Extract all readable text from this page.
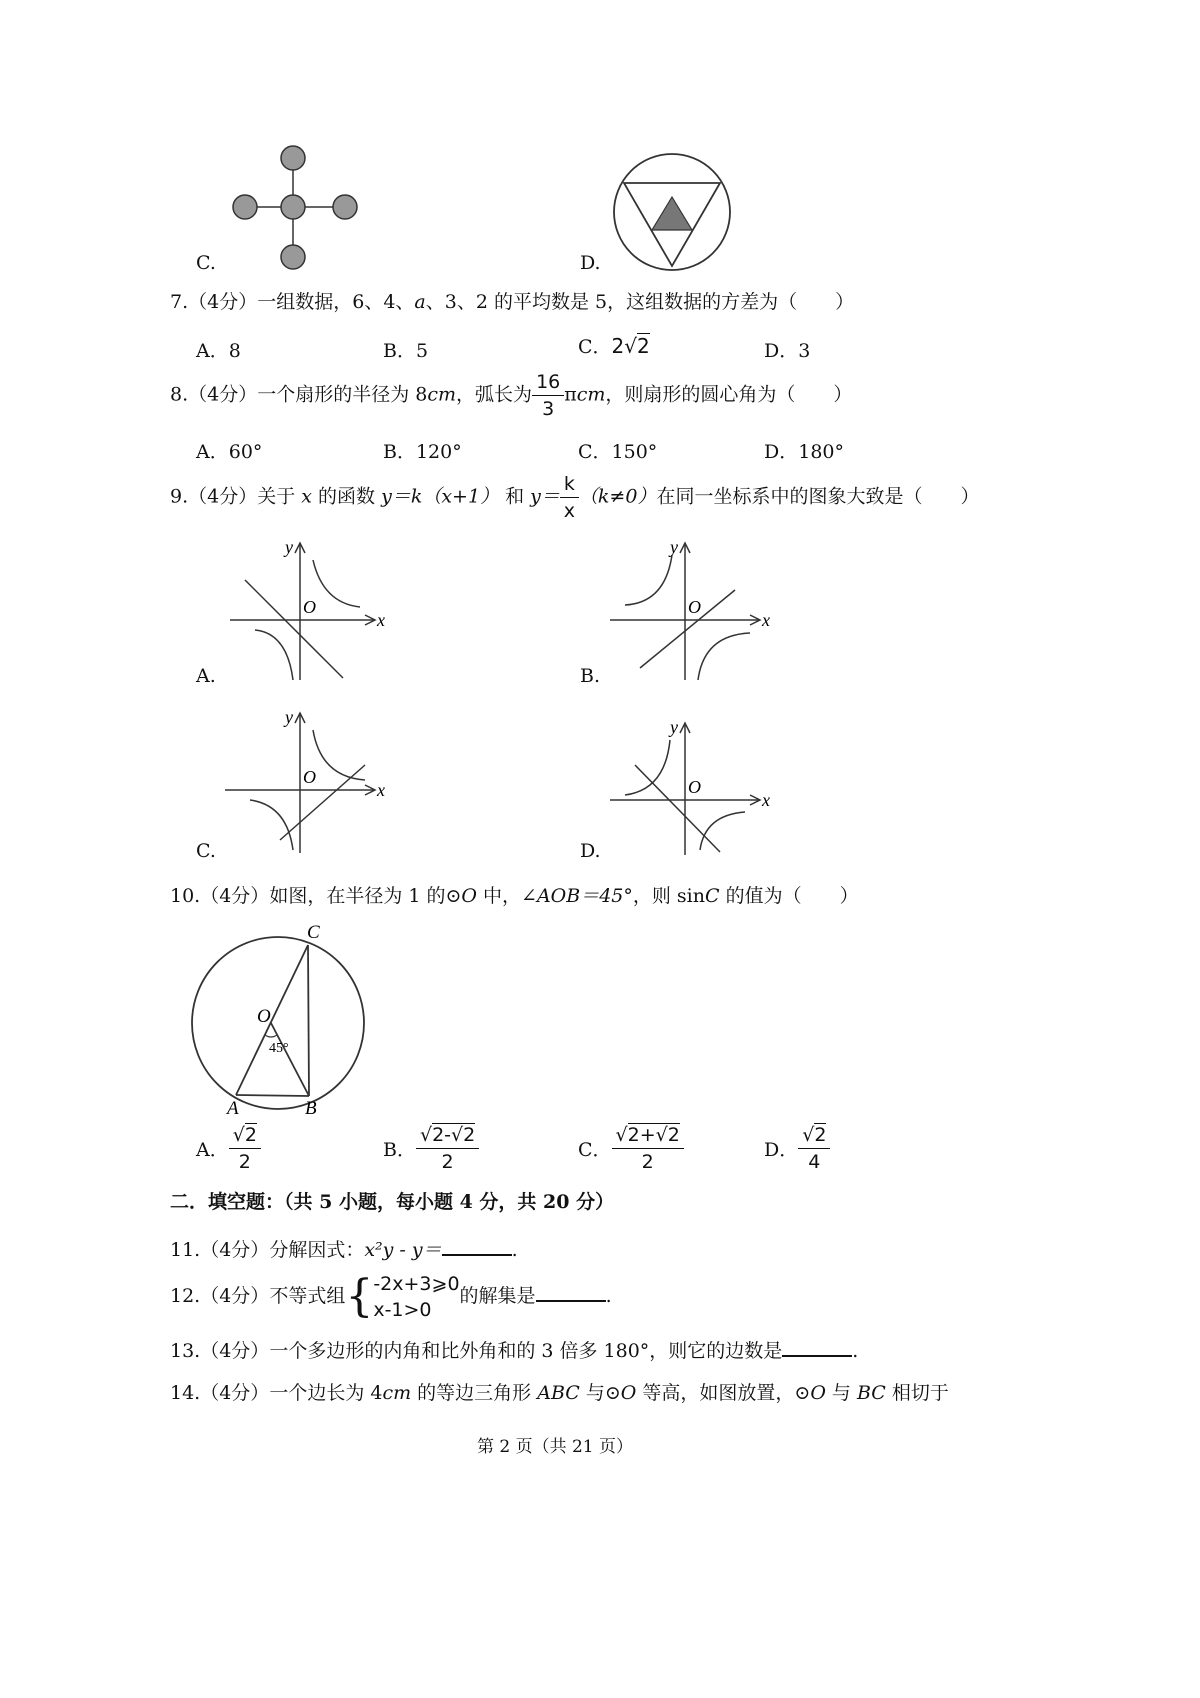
C.	D.
7.（4分）一组数据，6、4、a、3、2 的平均数是 5，这组数据的方差为（　　）
A．8	B．5	C．2√2	D．3
8.（4分）一个扇形的半径为 8cm，弧长为 $\frac{16}{3}$ πcm，则扇形的圆心角为（　　）
A．60°	B．120°	C．150°	D．180°
9.（4分）关于 x 的函数 y＝k（x+1） 和 $y= \frac{k}{x} (k\ne 0)$在同一坐标系中的图象大致是（　　）
y
x
O
A.
y
x
O
B.
y
x
O
C.
y
x
O
D.
10.（4分）如图，在半径为 1 的⊙O 中，∠AOB＝45°，则 sinC 的值为（　　）
C
O
45°
A	B
A． $\frac{√2}{2}$	B． $\frac{√2-√2}{2}$	C． $\frac{√2+√2}{2}$	D． $\frac{√2}{4}$
二．填空题：（共 5 小题，每小题 4 分，共 20 分）
11.（4分）分解因式：x²y - y＝	.
12.（4分）不等式组{ -2x+3⩾0
x-1>0
的解集是	.
13.（4分）一个多边形的内角和比外角和的 3 倍多 180°，则它的边数是	.
14.（4分）一个边长为 4cm 的等边三角形 ABC 与⊙O 等高，如图放置，⊙O 与 BC 相切于
第 2 页（共 21 页）
